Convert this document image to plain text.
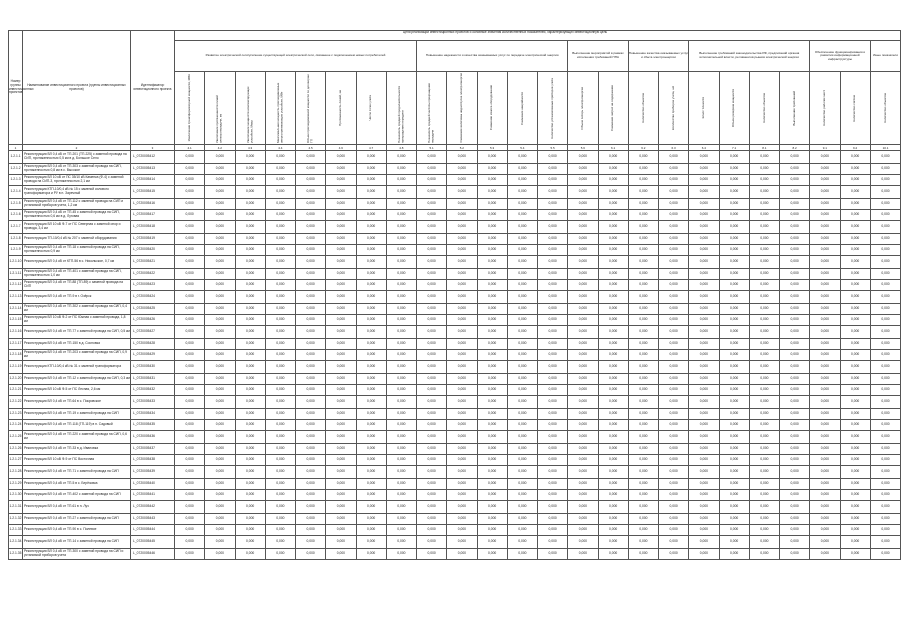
Цели реализации инвестиционных проектов и основные значения количественных показателей, характеризующих инвестиционную цель
Номер группы инвестиционных проектов	Наименование инвестиционного проекта (группы инвестиционных проектов)	Идентификатор инвестиционного проекта																								
			Развитие электрической сети/усиление существующей электрической сети, связанное с подключением новых потребителей								Повышение надежности и качества оказываемых услуг по передаче электрической энергии					Выполнение мероприятий в рамках исполнения требований НПА		Повышение качества оказываемых услуг и сбыта электроэнергии		Выполнение требований законодательства РФ, предписаний органов исполнительной власти, регламентов рынков электрической энергии				Обеспечение функционирования и развития информационной инфраструктуры		Иные показатели

			Увеличение трансформаторной мощности, МВА	Увеличение протяженности линий электропередачи, км	Увеличение мощности компенсирующих устройств, Мвар	Максимальная мощность присоединяемых энергопринимающих устройств, МВт	Объем присоединяемой мощности по договорам ТП	Протяженность линий, км	Число точек учета	Показатель средней продолжительности прекращения передачи	Показатель средней частоты прекращения передачи	Снижение величины недоотпуска электроэнергии	Снижение износа оборудования	Снижение аварийности	Количество установленных приборов учета	Объем потерь электроэнергии	Снижение затрат на содержание	Количество объектов	Количество приборов учета, шт	Класс точности	Объем резервов мощности	Количество объектов	Выполнение требований	Количество рабочих мест	Количество систем	Количество объектов

1	2	3	4.1	4.2	4.3	4.4	4.5	4.6	4.7	4.8	5.1	5.2	5.3	5.4	5.5	5.6	6.1	6.2	6.3	6.4	7.1	8.1	8.2	9.1	9.2	10.1
1.2.1.1	Реконструкция ВЛ 0,4 кВ от ТП-201 (ТП-225) с заменой провода на СИП, протяженностью 0,5 км в д. Большое Село	L_0720005412	0,000	0,000	0,000	0,000	0,000	0,000	0,000	0,000	0,000	0,000	0,000	0,000	0,000	0,000	0,000	0,000	0,000	0,000	0,000	0,000	0,000	0,000	0,000	0,000
1.2.1.2	Реконструкция ВЛ 0,4 кВ от ТП-303 с заменой провода на СИП, протяженностью 0,8 км в с. Высокое	L_0720005413	0,000	0,000	0,000	0,000	0,000	0,000	0,000	0,000	0,000	0,000	0,000	0,000	0,000	0,000	0,000	0,000	0,000	0,000	0,000	0,000	0,000	0,000	0,000	0,000
1.2.1.3	Реконструкция ВЛ 10 кВ от ПС 35/10 кВ Каменка (Ф-4) с заменой провода на СИП-3, протяженностью 2,1 км	L_0720005414	0,000	0,000	0,000	0,000	0,000	0,000	0,000	0,000	0,000	0,000	0,000	0,000	0,000	0,000	0,000	0,000	0,000	0,000	0,000	0,000	0,000	0,000	0,000	0,000
1.2.1.4	Реконструкция КТП-10/0,4 кВ № 15 с заменой силового трансформатора и РУ в п. Заречный	L_0720005415	0,000	0,000	0,000	0,000	0,000	0,000	0,000	0,000	0,000	0,000	0,000	0,000	0,000	0,000	0,000	0,000	0,000	0,000	0,000	0,000	0,000	0,000	0,000	0,000
1.2.1.5	Реконструкция ВЛ 0,4 кВ от ТП-112 с заменой провода на СИП и установкой приборов учета, 1,2 км	L_0720005416	0,000	0,000	0,000	0,000	0,000	0,000	0,000	0,000	0,000	0,000	0,000	0,000	0,000	0,000	0,000	0,000	0,000	0,000	0,000	0,000	0,000	0,000	0,000	0,000
1.2.1.6	Реконструкция ВЛ 0,4 кВ от ТП-45 с заменой провода на СИП, протяженностью 0,6 км в д. Луговая	L_0720005417	0,000	0,000	0,000	0,000	0,000	0,000	0,000	0,000	0,000	0,000	0,000	0,000	0,000	0,000	0,000	0,000	0,000	0,000	0,000	0,000	0,000	0,000	0,000	0,000
1.2.1.7	Реконструкция ВЛ 10 кВ Ф-7 от ПС Северная с заменой опор и провода, 3,4 км	L_0720005418	0,000	0,000	0,000	0,000	0,000	0,000	0,000	0,000	0,000	0,000	0,000	0,000	0,000	0,000	0,000	0,000	0,000	0,000	0,000	0,000	0,000	0,000	0,000	0,000
1.2.1.8	Реконструкция ТП-10/0,4 кВ № 207 с заменой оборудования	L_0720005419	0,000	0,000	0,000	0,000	0,000	0,000	0,000	0,000	0,000	0,000	0,000	0,000	0,000	0,000	0,000	0,000	0,000	0,000	0,000	0,000	0,000	0,000	0,000	0,000
1.2.1.9	Реконструкция ВЛ 0,4 кВ от ТП-18 с заменой провода на СИП, протяженностью 0,9 км	L_0720005420	0,000	0,000	0,000	0,000	0,000	0,000	0,000	0,000	0,000	0,000	0,000	0,000	0,000	0,000	0,000	0,000	0,000	0,000	0,000	0,000	0,000	0,000	0,000	0,000
1.2.1.10	Реконструкция ВЛ 0,4 кВ от КТП-56 в с. Никольское, 0,7 км	L_0720005421	0,000	0,000	0,000	0,000	0,000	0,000	0,000	0,000	0,000	0,000	0,000	0,000	0,000	0,000	0,000	0,000	0,000	0,000	0,000	0,000	0,000	0,000	0,000	0,000
1.2.1.11	Реконструкция ВЛ 0,4 кВ от ТП-401 с заменой провода на СИП, протяженностью 1,0 км	L_0720005422	0,000	0,000	0,000	0,000	0,000	0,000	0,000	0,000	0,000	0,000	0,000	0,000	0,000	0,000	0,000	0,000	0,000	0,000	0,000	0,000	0,000	0,000	0,000	0,000
1.2.1.12	Реконструкция ВЛ 0,4 кВ от ТП-88 (ТП-89) с заменой провода на СИП	L_0720005423	0,000	0,000	0,000	0,000	0,000	0,000	0,000	0,000	0,000	0,000	0,000	0,000	0,000	0,000	0,000	0,000	0,000	0,000	0,000	0,000	0,000	0,000	0,000	0,000
1.2.1.13	Реконструкция ВЛ 0,4 кВ от ТП-9 в г. Озёрск	L_0720005424	0,000	0,000	0,000	0,000	0,000	0,000	0,000	0,000	0,000	0,000	0,000	0,000	0,000	0,000	0,000	0,000	0,000	0,000	0,000	0,000	0,000	0,000	0,000	0,000
1.2.1.14	Реконструкция ВЛ 0,4 кВ от ТП-302 с заменой провода на СИП, 0,4 км	L_0720005425	0,000	0,000	0,000	0,000	0,000	0,000	0,000	0,000	0,000	0,000	0,000	0,000	0,000	0,000	0,000	0,000	0,000	0,000	0,000	0,000	0,000	0,000	0,000	0,000
1.2.1.15	Реконструкция ВЛ 10 кВ Ф-2 от ПС Южная с заменой провода, 1,8 км	L_0720005426	0,000	0,000	0,000	0,000	0,000	0,000	0,000	0,000	0,000	0,000	0,000	0,000	0,000	0,000	0,000	0,000	0,000	0,000	0,000	0,000	0,000	0,000	0,000	0,000
1.2.1.16	Реконструкция ВЛ 0,4 кВ от ТП-77 с заменой провода на СИП, 0,5 км	L_0720005427	0,000	0,000	0,000	0,000	0,000	0,000	0,000	0,000	0,000	0,000	0,000	0,000	0,000	0,000	0,000	0,000	0,000	0,000	0,000	0,000	0,000	0,000	0,000	0,000
1.2.1.17	Реконструкция ВЛ 0,4 кВ от ТП-150 в д. Сосновка	L_0720005428	0,000	0,000	0,000	0,000	0,000	0,000	0,000	0,000	0,000	0,000	0,000	0,000	0,000	0,000	0,000	0,000	0,000	0,000	0,000	0,000	0,000	0,000	0,000	0,000
1.2.1.18	Реконструкция ВЛ 0,4 кВ от ТП-203 с заменой провода на СИП, 0,9 км	L_0720005429	0,000	0,000	0,000	0,000	0,000	0,000	0,000	0,000	0,000	0,000	0,000	0,000	0,000	0,000	0,000	0,000	0,000	0,000	0,000	0,000	0,000	0,000	0,000	0,000
1.2.1.19	Реконструкция КТП-10/0,4 кВ № 31 с заменой трансформатора	L_0720005430	0,000	0,000	0,000	0,000	0,000	0,000	0,000	0,000	0,000	0,000	0,000	0,000	0,000	0,000	0,000	0,000	0,000	0,000	0,000	0,000	0,000	0,000	0,000	0,000
1.2.1.20	Реконструкция ВЛ 0,4 кВ от ТП-12 с заменой провода на СИП, 0,3 км	L_0720005431	0,000	0,000	0,000	0,000	0,000	0,000	0,000	0,000	0,000	0,000	0,000	0,000	0,000	0,000	0,000	0,000	0,000	0,000	0,000	0,000	0,000	0,000	0,000	0,000
1.2.1.21	Реконструкция ВЛ 10 кВ Ф-5 от ПС Лесная, 2,6 км	L_0720005432	0,000	0,000	0,000	0,000	0,000	0,000	0,000	0,000	0,000	0,000	0,000	0,000	0,000	0,000	0,000	0,000	0,000	0,000	0,000	0,000	0,000	0,000	0,000	0,000
1.2.1.22	Реконструкция ВЛ 0,4 кВ от ТП-64 в с. Покровское	L_0720005433	0,000	0,000	0,000	0,000	0,000	0,000	0,000	0,000	0,000	0,000	0,000	0,000	0,000	0,000	0,000	0,000	0,000	0,000	0,000	0,000	0,000	0,000	0,000	0,000
1.2.1.23	Реконструкция ВЛ 0,4 кВ от ТП-19 с заменой провода на СИП	L_0720005434	0,000	0,000	0,000	0,000	0,000	0,000	0,000	0,000	0,000	0,000	0,000	0,000	0,000	0,000	0,000	0,000	0,000	0,000	0,000	0,000	0,000	0,000	0,000	0,000
1.2.1.24	Реконструкция ВЛ 0,4 кВ от ТП-118 (ТП-119) в п. Садовый	L_0720005435	0,000	0,000	0,000	0,000	0,000	0,000	0,000	0,000	0,000	0,000	0,000	0,000	0,000	0,000	0,000	0,000	0,000	0,000	0,000	0,000	0,000	0,000	0,000	0,000
1.2.1.25	Реконструкция ВЛ 0,4 кВ от ТП-220 с заменой провода на СИП, 0,6 км	L_0720005436	0,000	0,000	0,000	0,000	0,000	0,000	0,000	0,000	0,000	0,000	0,000	0,000	0,000	0,000	0,000	0,000	0,000	0,000	0,000	0,000	0,000	0,000	0,000	0,000
1.2.1.26	Реконструкция ВЛ 0,4 кВ от ТП-33 в д. Ивановка	L_0720005437	0,000	0,000	0,000	0,000	0,000	0,000	0,000	0,000	0,000	0,000	0,000	0,000	0,000	0,000	0,000	0,000	0,000	0,000	0,000	0,000	0,000	0,000	0,000	0,000
1.2.1.27	Реконструкция ВЛ 10 кВ Ф-9 от ПС Восточная	L_0720005438	0,000	0,000	0,000	0,000	0,000	0,000	0,000	0,000	0,000	0,000	0,000	0,000	0,000	0,000	0,000	0,000	0,000	0,000	0,000	0,000	0,000	0,000	0,000	0,000
1.2.1.28	Реконструкция ВЛ 0,4 кВ от ТП-71 с заменой провода на СИП	L_0720005439	0,000	0,000	0,000	0,000	0,000	0,000	0,000	0,000	0,000	0,000	0,000	0,000	0,000	0,000	0,000	0,000	0,000	0,000	0,000	0,000	0,000	0,000	0,000	0,000
1.2.1.29	Реконструкция ВЛ 0,4 кВ от ТП-5 в с. Берёзовка	L_0720005440	0,000	0,000	0,000	0,000	0,000	0,000	0,000	0,000	0,000	0,000	0,000	0,000	0,000	0,000	0,000	0,000	0,000	0,000	0,000	0,000	0,000	0,000	0,000	0,000
1.2.1.30	Реконструкция ВЛ 0,4 кВ от ТП-402 с заменой провода на СИП	L_0720005441	0,000	0,000	0,000	0,000	0,000	0,000	0,000	0,000	0,000	0,000	0,000	0,000	0,000	0,000	0,000	0,000	0,000	0,000	0,000	0,000	0,000	0,000	0,000	0,000
1.2.1.31	Реконструкция ВЛ 0,4 кВ от ТП-61 в п. Луч	L_0720005442	0,000	0,000	0,000	0,000	0,000	0,000	0,000	0,000	0,000	0,000	0,000	0,000	0,000	0,000	0,000	0,000	0,000	0,000	0,000	0,000	0,000	0,000	0,000	0,000
1.2.1.32	Реконструкция ВЛ 0,4 кВ от ТП-27 с заменой провода на СИП	L_0720005443	0,000	0,000	0,000	0,000	0,000	0,000	0,000	0,000	0,000	0,000	0,000	0,000	0,000	0,000	0,000	0,000	0,000	0,000	0,000	0,000	0,000	0,000	0,000	0,000
1.2.1.33	Реконструкция ВЛ 0,4 кВ от ТП-90 в с. Полевое	L_0720005444	0,000	0,000	0,000	0,000	0,000	0,000	0,000	0,000	0,000	0,000	0,000	0,000	0,000	0,000	0,000	0,000	0,000	0,000	0,000	0,000	0,000	0,000	0,000	0,000
1.2.1.34	Реконструкция ВЛ 0,4 кВ от ТП-14 с заменой провода на СИП	L_0720005445	0,000	0,000	0,000	0,000	0,000	0,000	0,000	0,000	0,000	0,000	0,000	0,000	0,000	0,000	0,000	0,000	0,000	0,000	0,000	0,000	0,000	0,000	0,000	0,000
1.2.1.35	Реконструкция ВЛ 0,4 кВ от ТП-300 с заменой провода на СИП и установкой приборов учета	L_0720005446	0,000	0,000	0,000	0,000	0,000	0,000	0,000	0,000	0,000	0,000	0,000	0,000	0,000	0,000	0,000	0,000	0,000	0,000	0,000	0,000	0,000	0,000	0,000	0,000
